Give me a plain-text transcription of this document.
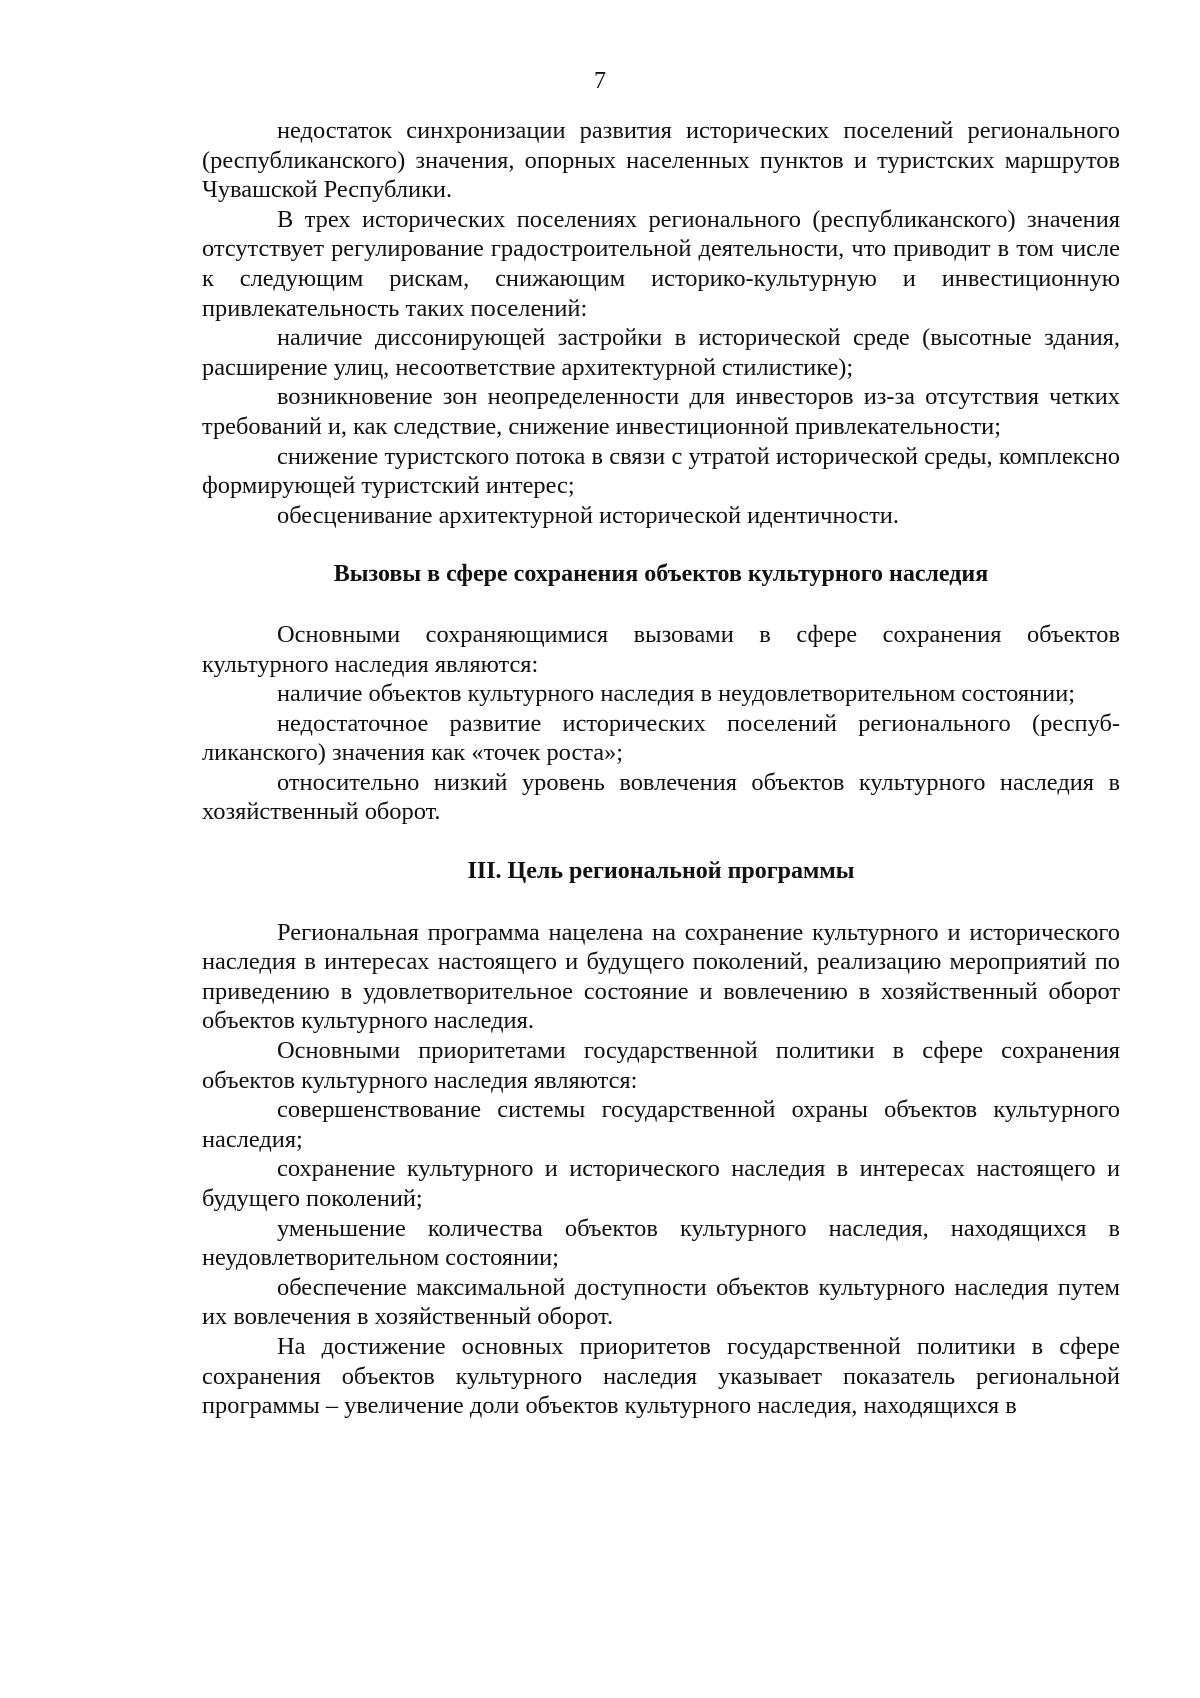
7

недостаток синхронизации развития исторических поселений регионального (республиканского) значения, опорных населенных пунктов и туристских маршрутов Чувашской Республики.

В трех исторических поселениях регионального (республиканского) значения отсутствует регулирование градостроительной деятельности, что приводит в том числе к следующим рискам, снижающим историко-культурную и инвестиционную привлекательность таких поселений:

наличие диссонирующей застройки в исторической среде (высотные здания, расширение улиц, несоответствие архитектурной стилистике);

возникновение зон неопределенности для инвесторов из-за отсутствия четких требований и, как следствие, снижение инвестиционной привлекательности;

снижение туристского потока в связи с утратой исторической среды, комплексно формирующей туристский интерес;

обесценивание архитектурной исторической идентичности.

Вызовы в сфере сохранения объектов культурного наследия

Основными сохраняющимися вызовами в сфере сохранения объектов культурного наследия являются:

наличие объектов культурного наследия в неудовлетворительном состоянии;

недостаточное развитие исторических поселений регионального (республиканского) значения как «точек роста»;

относительно низкий уровень вовлечения объектов культурного наследия в хозяйственный оборот.

III. Цель региональной программы

Региональная программа нацелена на сохранение культурного и исторического наследия в интересах настоящего и будущего поколений, реализацию мероприятий по приведению в удовлетворительное состояние и вовлечению в хозяйственный оборот объектов культурного наследия.

Основными приоритетами государственной политики в сфере сохранения объектов культурного наследия являются:

совершенствование системы государственной охраны объектов культурного наследия;

сохранение культурного и исторического наследия в интересах настоящего и будущего поколений;

уменьшение количества объектов культурного наследия, находящихся в неудовлетворительном состоянии;

обеспечение максимальной доступности объектов культурного наследия путем их вовлечения в хозяйственный оборот.

На достижение основных приоритетов государственной политики в сфере сохранения объектов культурного наследия указывает показатель региональной программы – увеличение доли объектов культурного наследия, находящихся в
